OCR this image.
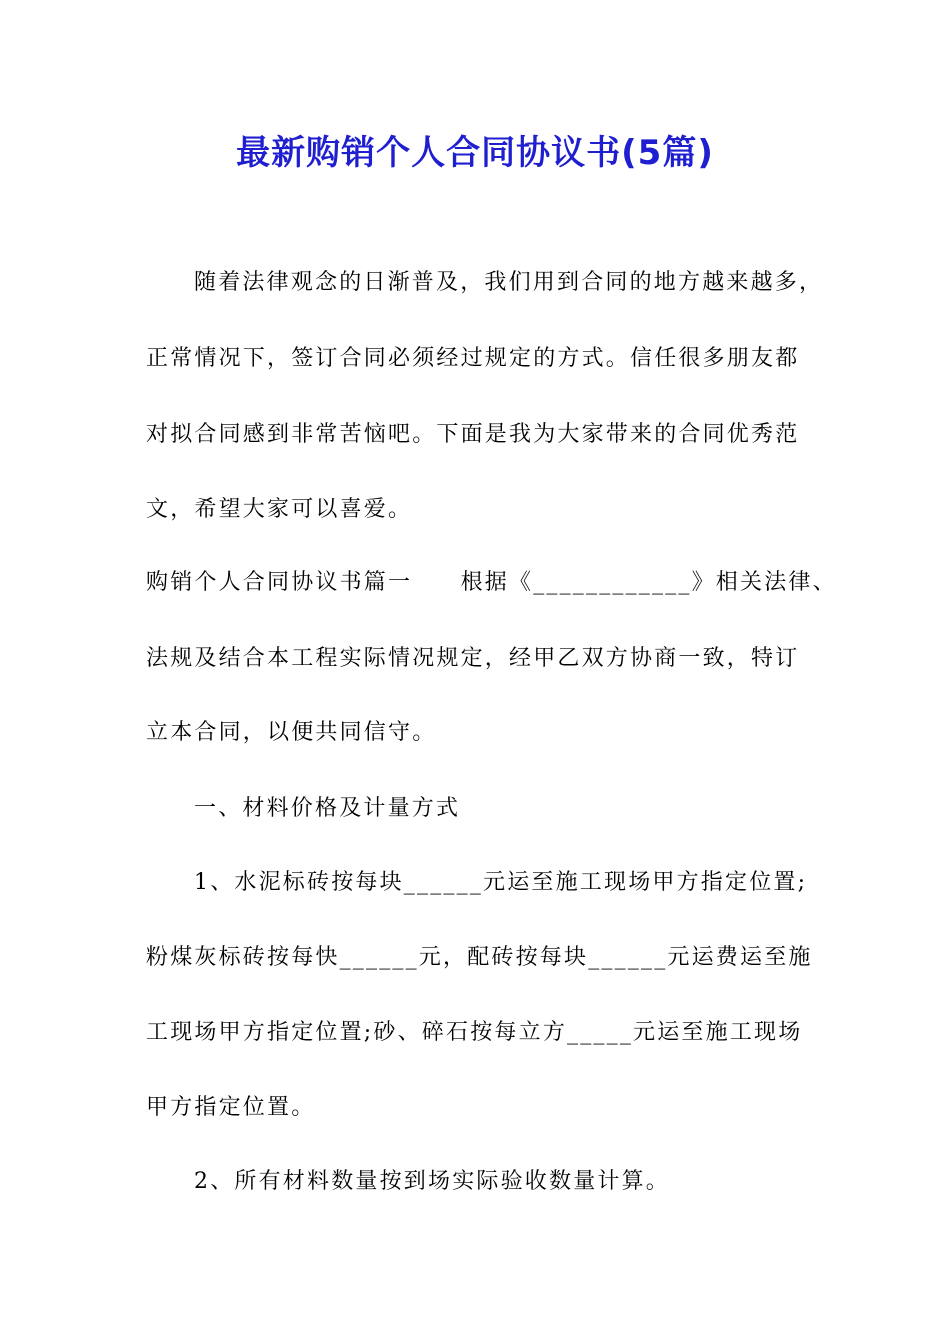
最新购销个人合同协议书(5篇)
随着法律观念的日渐普及，我们用到合同的地方越来越多，
正常情况下，签订合同必须经过规定的方式。信任很多朋友都
对拟合同感到非常苦恼吧。下面是我为大家带来的合同优秀范
文，希望大家可以喜爱。
购销个人合同协议书篇一　　根据《____________》相关法律、
法规及结合本工程实际情况规定，经甲乙双方协商一致，特订
立本合同，以便共同信守。
一、材料价格及计量方式
1、水泥标砖按每块______元运至施工现场甲方指定位置;
粉煤灰标砖按每快______元，配砖按每块______元运费运至施
工现场甲方指定位置;砂、碎石按每立方_____元运至施工现场
甲方指定位置。
2、所有材料数量按到场实际验收数量计算。
